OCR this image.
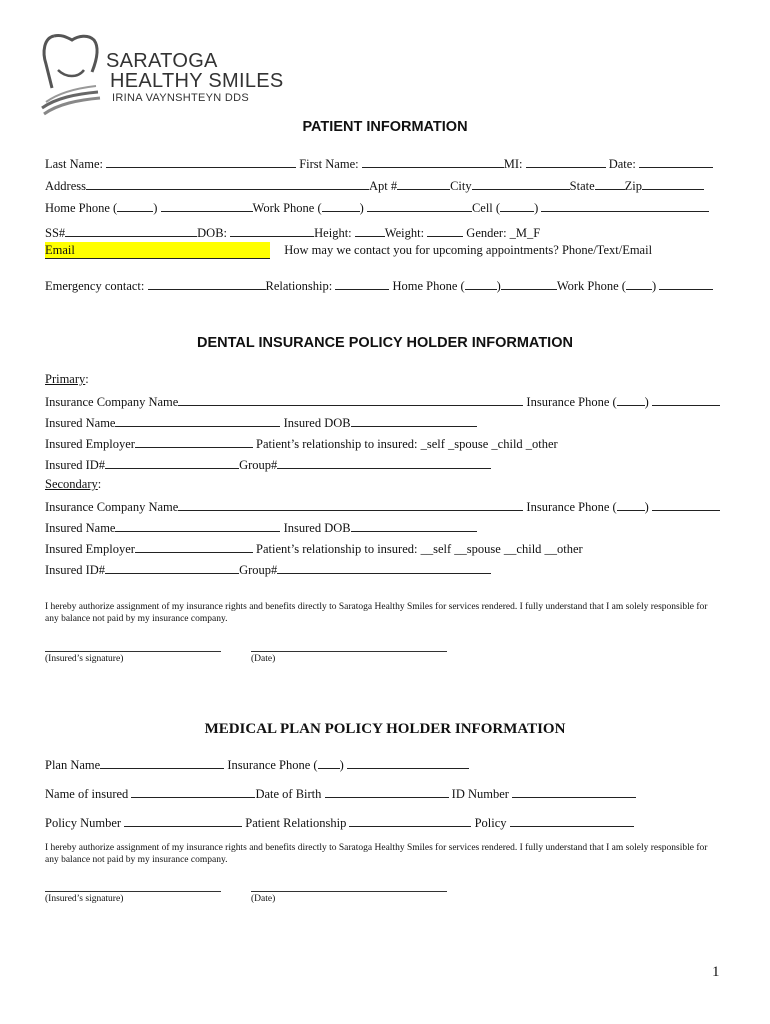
SARATOGA
HEALTHY SMILES
IRINA VAYNSHTEYN DDS
PATIENT INFORMATION
Last Name:	First Name:	MI:	Date:
Address	Apt #	City	State Zip
Home Phone (	)	Work Phone (	)	Cell (	)
SS#	DOB:	Height:	Weight:	Gender: _M_F
Email	How may we contact you for upcoming appointments? Phone/Text/Email
Emergency contact:	Relationship:	Home Phone (	)	Work Phone ( )
DENTAL INSURANCE POLICY HOLDER INFORMATION
Primary:
Insurance Company Name	Insurance Phone ( )
Insured Name	Insured DOB
Insured Employer	Patient’s relationship to insured: _self _spouse _child _other
Insured ID#	Group#
Secondary:
Insurance Company Name	Insurance Phone ( )
Insured Name	Insured DOB
Insured Employer	Patient’s relationship to insured: __self __spouse __child __other
Insured ID#	Group#
I hereby authorize assignment of my insurance rights and benefits directly to Saratoga Healthy Smiles for services rendered. I fully understand that I am solely responsible for any balance not paid by my insurance company.
(Insured’s signature)	(Date)
MEDICAL PLAN POLICY HOLDER INFORMATION
Plan Name	Insurance Phone ( )
Name of insured	Date of Birth	ID Number
Policy Number	Patient Relationship	Policy
I hereby authorize assignment of my insurance rights and benefits directly to Saratoga Healthy Smiles for services rendered. I fully understand that I am solely responsible for any balance not paid by my insurance company.
(Insured’s signature)	(Date)
1
